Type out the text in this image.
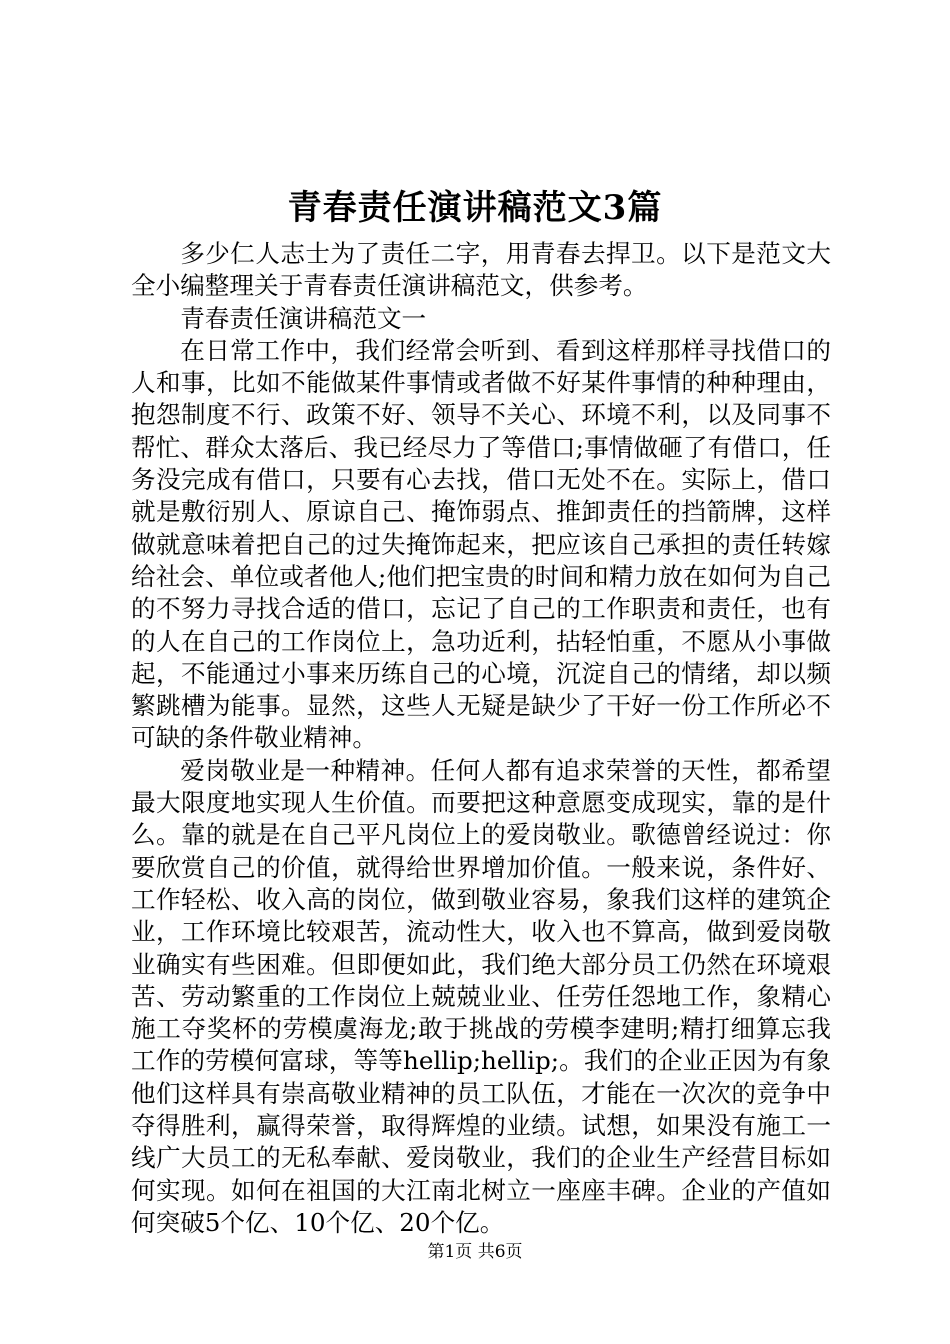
青春责任演讲稿范文3篇

多少仁人志士为了责任二字，用青春去捍卫。以下是范文大全小编整理关于青春责任演讲稿范文，供参考。

青春责任演讲稿范文一

在日常工作中，我们经常会听到、看到这样那样寻找借口的人和事，比如不能做某件事情或者做不好某件事情的种种理由，抱怨制度不行、政策不好、领导不关心、环境不利，以及同事不帮忙、群众太落后、我已经尽力了等借口;事情做砸了有借口，任务没完成有借口，只要有心去找，借口无处不在。实际上，借口就是敷衍别人、原谅自己、掩饰弱点、推卸责任的挡箭牌，这样做就意味着把自己的过失掩饰起来，把应该自己承担的责任转嫁给社会、单位或者他人;他们把宝贵的时间和精力放在如何为自己的不努力寻找合适的借口，忘记了自己的工作职责和责任，也有的人在自己的工作岗位上，急功近利，拈轻怕重，不愿从小事做起，不能通过小事来历练自己的心境，沉淀自己的情绪，却以频繁跳槽为能事。显然，这些人无疑是缺少了干好一份工作所必不可缺的条件敬业精神。

爱岗敬业是一种精神。任何人都有追求荣誉的天性，都希望最大限度地实现人生价值。而要把这种意愿变成现实，靠的是什么。靠的就是在自己平凡岗位上的爱岗敬业。歌德曾经说过：你要欣赏自己的价值，就得给世界增加价值。一般来说，条件好、工作轻松、收入高的岗位，做到敬业容易，象我们这样的建筑企业，工作环境比较艰苦，流动性大，收入也不算高，做到爱岗敬业确实有些困难。但即便如此，我们绝大部分员工仍然在环境艰苦、劳动繁重的工作岗位上兢兢业业、任劳任怨地工作，象精心施工夺奖杯的劳模虞海龙;敢于挑战的劳模李建明;精打细算忘我工作的劳模何富球，等等hellip;hellip;。我们的企业正因为有象他们这样具有崇高敬业精神的员工队伍，才能在一次次的竞争中夺得胜利，赢得荣誉，取得辉煌的业绩。试想，如果没有施工一线广大员工的无私奉献、爱岗敬业，我们的企业生产经营目标如何实现。如何在祖国的大江南北树立一座座丰碑。企业的产值如何突破5个亿、10个亿、20个亿。

第1页 共6页
